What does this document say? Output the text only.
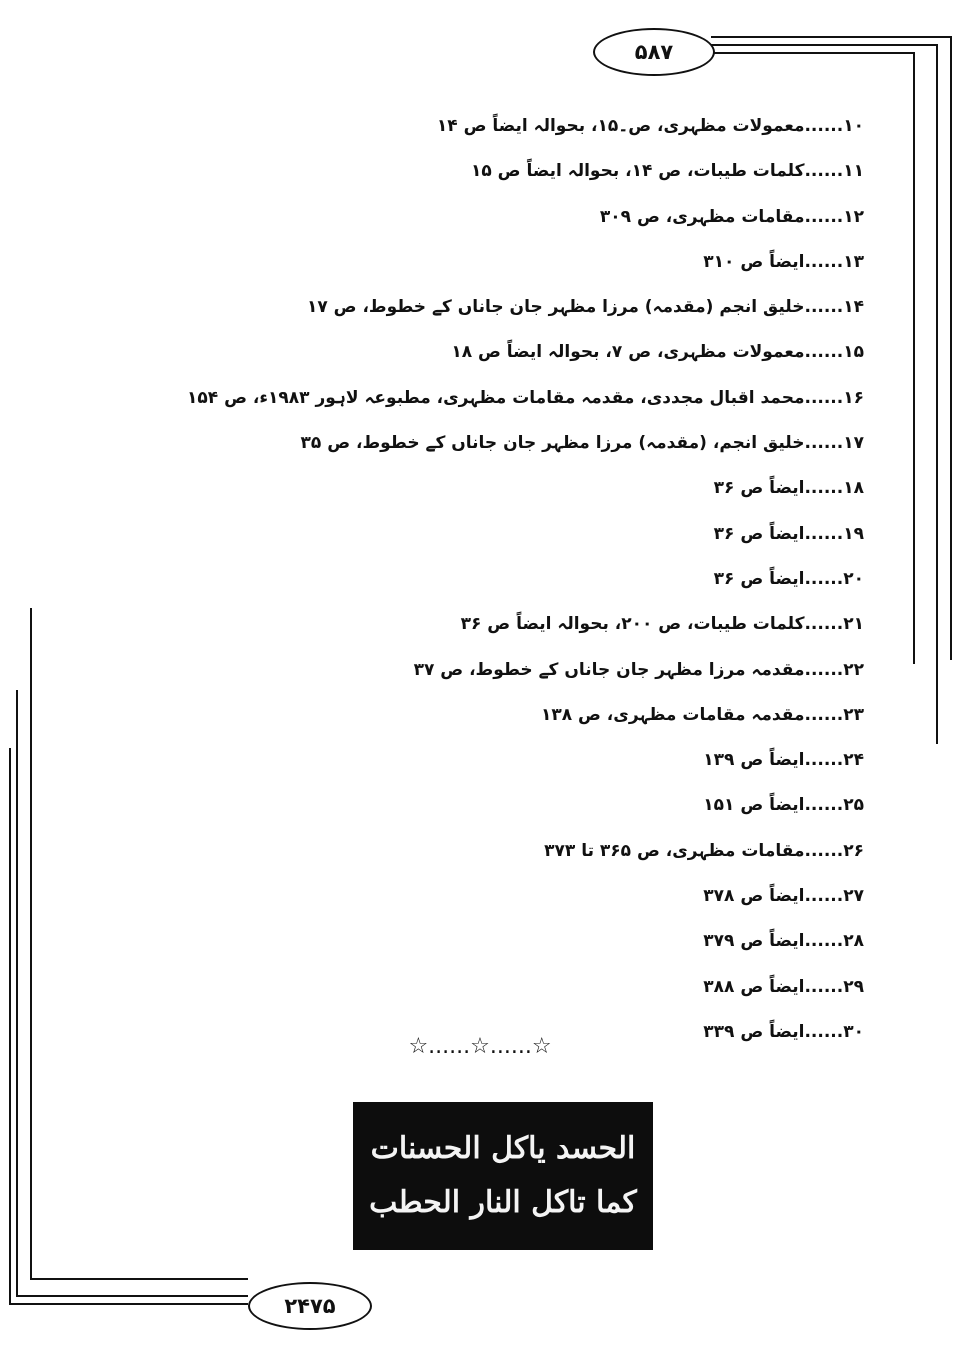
۵۸۷
۱۰......معمولات مظہری، ص۔۱۵، بحوالہ ایضاً ص ۱۴
۱۱......کلمات طیبات، ص ۱۴، بحوالہ ایضاً ص ۱۵
۱۲......مقامات مظہری، ص ۳۰۹
۱۳......ایضاً ص ۳۱۰
۱۴......خلیق انجم (مقدمہ) مرزا مظہر جان جاناں کے خطوط، ص ۱۷
۱۵......معمولات مظہری، ص ۷، بحوالہ ایضاً ص ۱۸
۱۶......محمد اقبال مجددی، مقدمہ مقامات مظہری، مطبوعہ لاہور ۱۹۸۳ء، ص ۱۵۴
۱۷......خلیق انجم، (مقدمہ) مرزا مظہر جان جاناں کے خطوط، ص ۳۵
۱۸......ایضاً ص ۳۶
۱۹......ایضاً ص ۳۶
۲۰......ایضاً ص ۳۶
۲۱......کلمات طیبات، ص ۲۰۰، بحوالہ ایضاً ص ۳۶
۲۲......مقدمہ مرزا مظہر جان جاناں کے خطوط، ص ۳۷
۲۳......مقدمہ مقامات مظہری، ص ۱۳۸
۲۴......ایضاً ص ۱۳۹
۲۵......ایضاً ص ۱۵۱
۲۶......مقامات مظہری، ص ۳۶۵ تا ۳۷۳
۲۷......ایضاً ص ۳۷۸
۲۸......ایضاً ص ۳۷۹
۲۹......ایضاً ص ۳۸۸
۳۰......ایضاً ص ۳۳۹
☆......☆......☆
الحسد یاکل الحسنات
کما تاکل النار الحطب
۲۴۷۵
